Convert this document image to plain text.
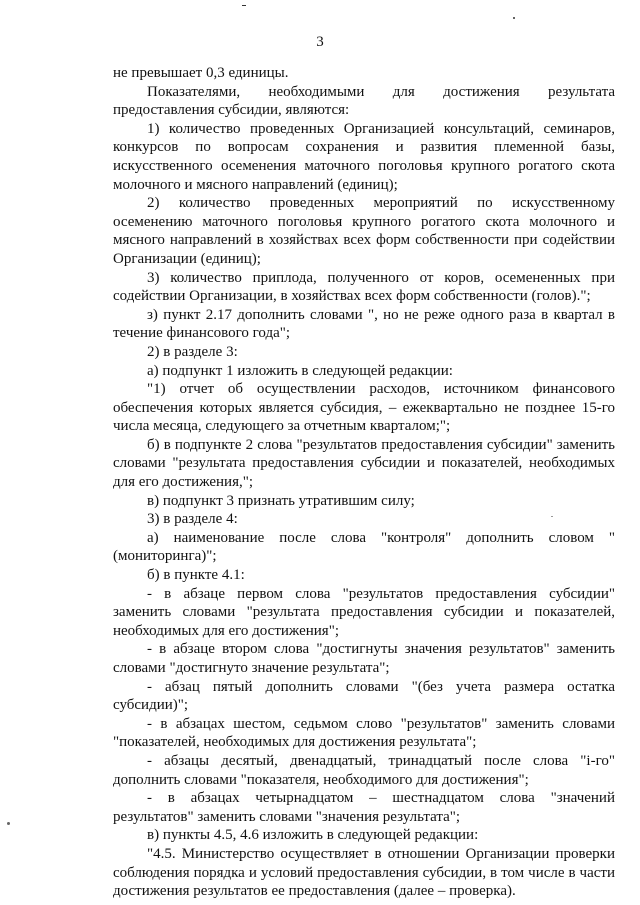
3

не превышает 0,3 единицы.

Показателями, необходимыми для достижения результата предоставления субсидии, являются:

1) количество проведенных Организацией консультаций, семинаров, конкурсов по вопросам сохранения и развития племенной базы, искусственного осеменения маточного поголовья крупного рогатого скота молочного и мясного направлений (единиц);

2) количество проведенных мероприятий по искусственному осеменению маточного поголовья крупного рогатого скота молочного и мясного направлений в хозяйствах всех форм собственности при содействии Организации (единиц);

3) количество приплода, полученного от коров, осемененных при содействии Организации, в хозяйствах всех форм собственности (голов).";

з) пункт 2.17 дополнить словами ", но не реже одного раза в квартал в течение финансового года";

2) в разделе 3:

а) подпункт 1 изложить в следующей редакции:

"1) отчет об осуществлении расходов, источником финансового обеспечения которых является субсидия, – ежеквартально не позднее 15-го числа месяца, следующего за отчетным кварталом;";

б) в подпункте 2 слова "результатов предоставления субсидии" заменить словами "результата предоставления субсидии и показателей, необходимых для его достижения,";

в) подпункт 3 признать утратившим силу;

3) в разделе 4:

а) наименование после слова "контроля" дополнить словом "(мониторинга)";

б) в пункте 4.1:

- в абзаце первом слова "результатов предоставления субсидии" заменить словами "результата предоставления субсидии и показателей, необходимых для его достижения";

- в абзаце втором слова "достигнуты значения результатов" заменить словами "достигнуто значение результата";

- абзац пятый дополнить словами "(без учета размера остатка субсидии)";

- в абзацах шестом, седьмом слово "результатов" заменить словами "показателей, необходимых для достижения результата";

- абзацы десятый, двенадцатый, тринадцатый после слова "i-го" дополнить словами "показателя, необходимого для достижения";

- в абзацах четырнадцатом – шестнадцатом слова "значений результатов" заменить словами "значения результата";

в) пункты 4.5, 4.6 изложить в следующей редакции:

"4.5. Министерство осуществляет в отношении Организации проверки соблюдения порядка и условий предоставления субсидии, в том числе в части достижения результатов ее предоставления (далее – проверка).
